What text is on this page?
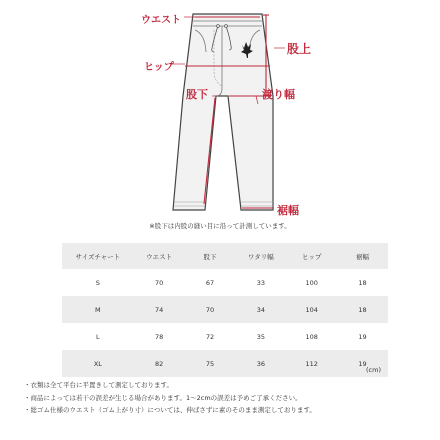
ウエスト
股上
ヒップ
股下	渡り幅
裾幅
※股下は内股の縫い目に沿って計測しています。
サイズチャート	ウエスト	股下	ワタリ幅	ヒップ	裾幅
S	70	67	33	100	18
M	74	70	34	104	18
L	78	72	35	108	19
XL	82	75	36	112	19
(cm)
・衣類は全て平台に平置きして測定しております。
・商品によっては若干の誤差が生じる場合があります。1〜2cmの誤差は予めご了承ください。
・総ゴム仕様のウエスト（ゴム上がり寸）については、伸ばさずに素のそのまま測定しております。
